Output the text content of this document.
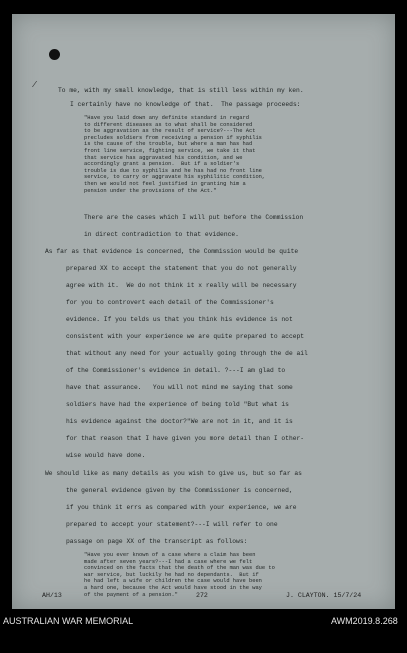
/
To me, with my small knowledge, that is still less within my ken.
I certainly have no knowledge of that.  The passage proceeds:
"Have you laid down any definite standard in regard
to different diseases as to what shall be considered
to be aggravation as the result of service?---The Act
precludes soldiers from receiving a pension if syphilis
is the cause of the trouble, but where a man has had
front line service, fighting service, we take it that
that service has aggravated his condition, and we
accordingly grant a pension.  But if a soldier's
trouble is due to syphilis and he has had no front line
service, to carry or aggravate his syphilitic condition,
then we would not feel justified in granting him a
pension under the provisions of the Act."
There are the cases which I will put before the Commission
in direct contradiction to that evidence.
As far as that evidence is concerned, the Commission would be quite
prepared XX to accept the statement that you do not generally
agree with it.  We do not think it x really will be necessary
for you to controvert each detail of the Commissioner's
evidence. If you telds us that you think his evidence is not
consistent with your experience we are quite prepared to accept
that without any need for your actually going through the de ail
of the Commissioner's evidence in detail. ?---I am glad to
have that assurance.   You will not mind me saying that some
soldiers have had the experience of being told "But what is
his evidence against the doctor?"We are not in it, and it is
for that reason that I have given you more detail than I other-
wise would have done.
We should like as many details as you wish to give us, but so far as
the general evidence given by the Commissioner is concerned,
if you think it errs as compared with your experience, we are
prepared to accept your statement?---I will refer to one
passage on page XX of the transcript as follows:
"Have you ever known of a case where a claim has been
made after seven years?---I had a case where we felt
convinced on the facts that the death of the man was due to
war service, but luckily he had no dependants.  But if
he had left a wife or children the case would have been
a hard one, because the Act would have stood in the way
of the payment of a pension."
AH/13	272	J. CLAYTON. 15/7/24
AUSTRALIAN WAR MEMORIAL	AWM2019.8.268
